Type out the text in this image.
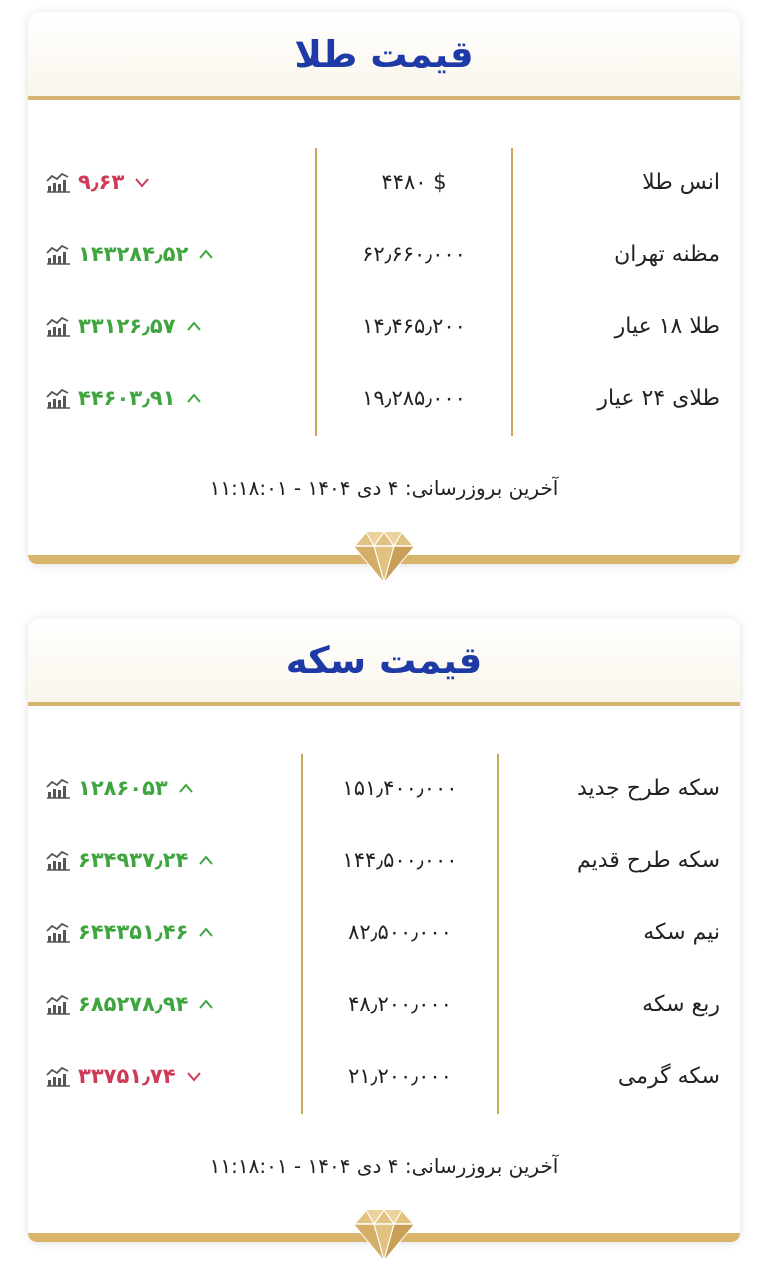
قیمت طلا
انس طلا
۴۴۸۰ $
۹٫۶۳
مظنه تهران
۶۲٫۶۶۰٫۰۰۰
۱۴۳۲۸۴٫۵۲
طلا ۱۸ عیار
۱۴٫۴۶۵٫۲۰۰
۳۳۱۲۶٫۵۷
طلای ۲۴ عیار
۱۹٫۲۸۵٫۰۰۰
۴۴۶۰۳٫۹۱
آخرین بروزرسانی: ۴ دی ۱۴۰۴ - ۱۱:۱۸:۰۱
قیمت سکه
سکه طرح جدید
۱۵۱٫۴۰۰٫۰۰۰
۱۲۸۶۰۵۳
سکه طرح قدیم
۱۴۴٫۵۰۰٫۰۰۰
۶۳۴۹۳۷٫۲۴
نیم سکه
۸۲٫۵۰۰٫۰۰۰
۶۴۴۳۵۱٫۴۶
ربع سکه
۴۸٫۲۰۰٫۰۰۰
۶۸۵۲۷۸٫۹۴
سکه گرمی
۲۱٫۲۰۰٫۰۰۰
۳۳۷۵۱٫۷۴
آخرین بروزرسانی: ۴ دی ۱۴۰۴ - ۱۱:۱۸:۰۱
